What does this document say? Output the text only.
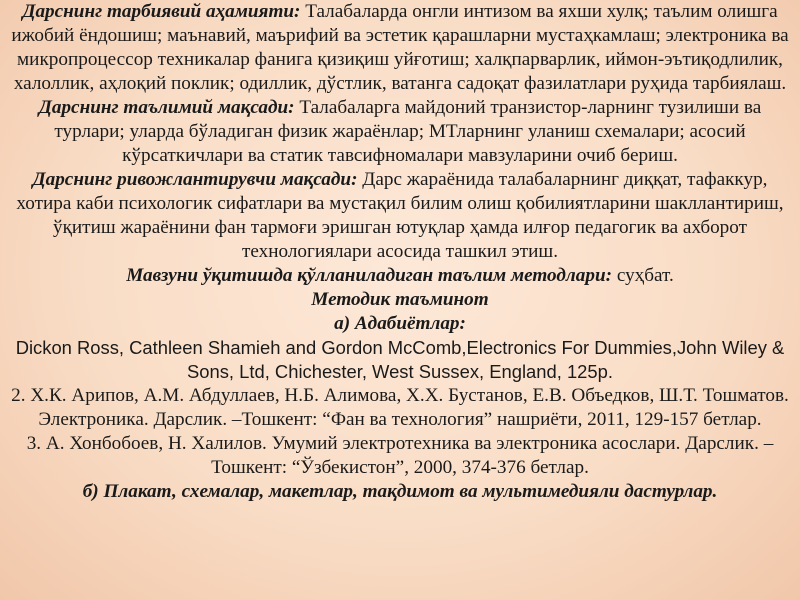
Дарснинг тарбиявий аҳамияти: Талабаларда онгли интизом ва яхши хулқ; таълим олишга ижобий ёндошиш; маънавий, маърифий ва эстетик қарашларни мустаҳкамлаш; электроника ва микропроцессор техникалар фанига қизиқиш уйғотиш; халқпарварлик, иймон-эътиқодлилик, халоллик, аҳлоқий поклик; одиллик, дўстлик, ватанга садоқат фазилатлари руҳида тарбиялаш.

Дарснинг таълимий мақсади: Талабаларга майдоний транзистор-ларнинг тузилиши ва турлари; уларда бўладиган физик жараёнлар; МТларнинг уланиш схемалари; асосий кўрсаткичлари ва статик тавсифномалари мавзуларини очиб бериш.

Дарснинг ривожлантирувчи мақсади: Дарс жараёнида талабаларнинг диққат, тафаккур, хотира каби психологик сифатлари ва мустақил билим олиш қобилиятларини шакллантириш, ўқитиш жараёнини фан тармоғи эришган ютуқлар ҳамда илғор педагогик ва ахборот технологиялари асосида ташкил этиш.

Мавзуни ўқитишда қўлланиладиган таълим методлари: суҳбат.

Методик таъминот

а) Адабиётлар:

Dickon Ross, Cathleen Shamieh and Gordon McComb,Electronics For Dummies,John Wiley & Sons, Ltd, Chichester, West Sussex, England, 125p.

2. Х.К. Арипов, А.М. Абдуллаев, Н.Б. Алимова, Х.Х. Бустанов, Е.В. Объедков, Ш.Т. Тошматов. Электроника. Дарслик. –Тошкент: “Фан ва технология” нашриёти, 2011, 129-157 бетлар.

3. А. Хонбобоев, Н. Халилов. Умумий электротехника ва электроника асослари. Дарслик. –Тошкент: “Ўзбекистон”, 2000, 374-376 бетлар.

б) Плакат, схемалар, макетлар, тақдимот ва мультимедияли дастурлар.
